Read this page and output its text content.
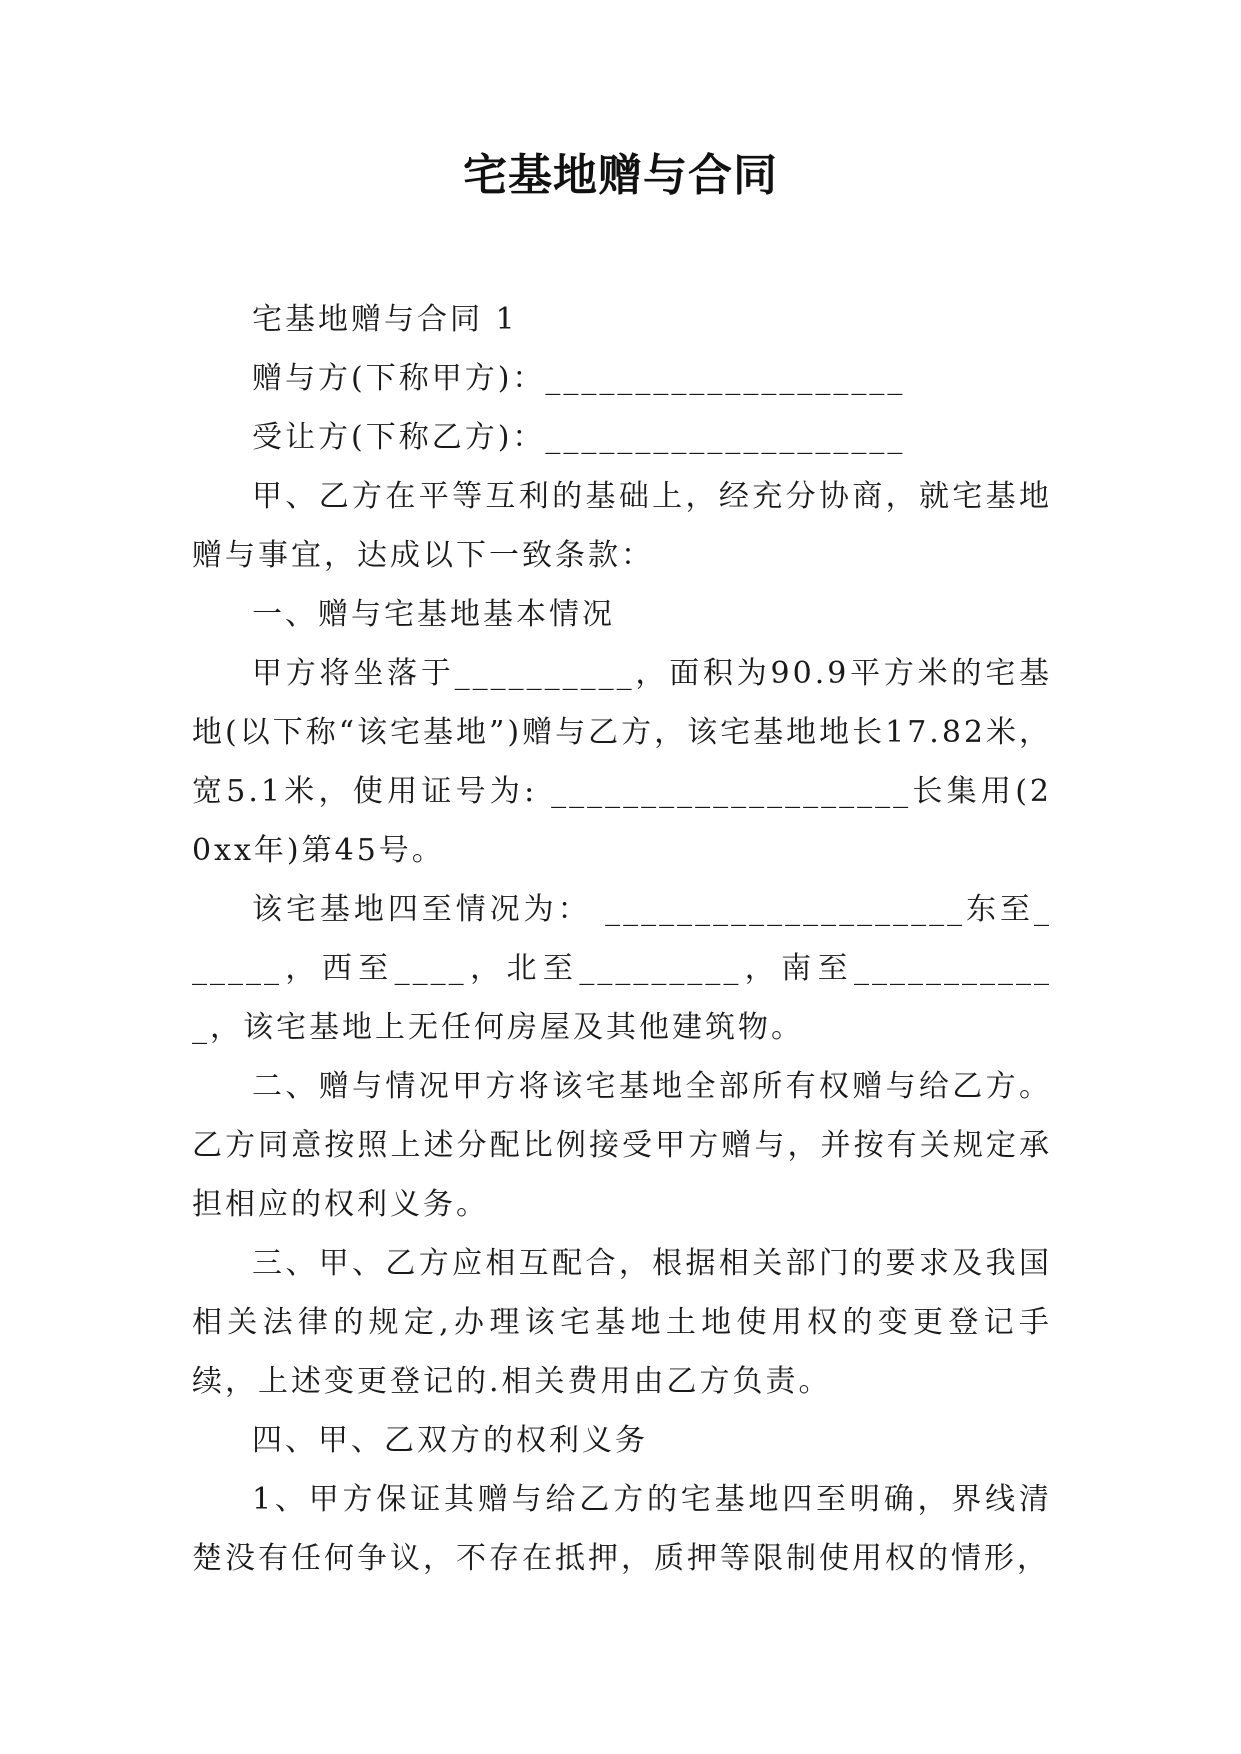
宅基地赠与合同

宅基地赠与合同 1

赠与方(下称甲方)：____________________

受让方(下称乙方)：____________________

甲、乙方在平等互利的基础上，经充分协商，就宅基地赠与事宜，达成以下一致条款：

一、赠与宅基地基本情况

甲方将坐落于__________，面积为90.9平方米的宅基地(以下称“该宅基地”)赠与乙方，该宅基地地长17.82米，宽5.1米，使用证号为: ____________________长集用(20xx年)第45号。

该宅基地四至情况为： ____________________东至______，西至____，北至_________，南至____________，该宅基地上无任何房屋及其他建筑物。

二、赠与情况甲方将该宅基地全部所有权赠与给乙方。乙方同意按照上述分配比例接受甲方赠与，并按有关规定承担相应的权利义务。

三、甲、乙方应相互配合，根据相关部门的要求及我国相关法律的规定,办理该宅基地土地使用权的变更登记手续，上述变更登记的.相关费用由乙方负责。

四、甲、乙双方的权利义务

1、甲方保证其赠与给乙方的宅基地四至明确，界线清楚没有任何争议，不存在抵押，质押等限制使用权的情形，
